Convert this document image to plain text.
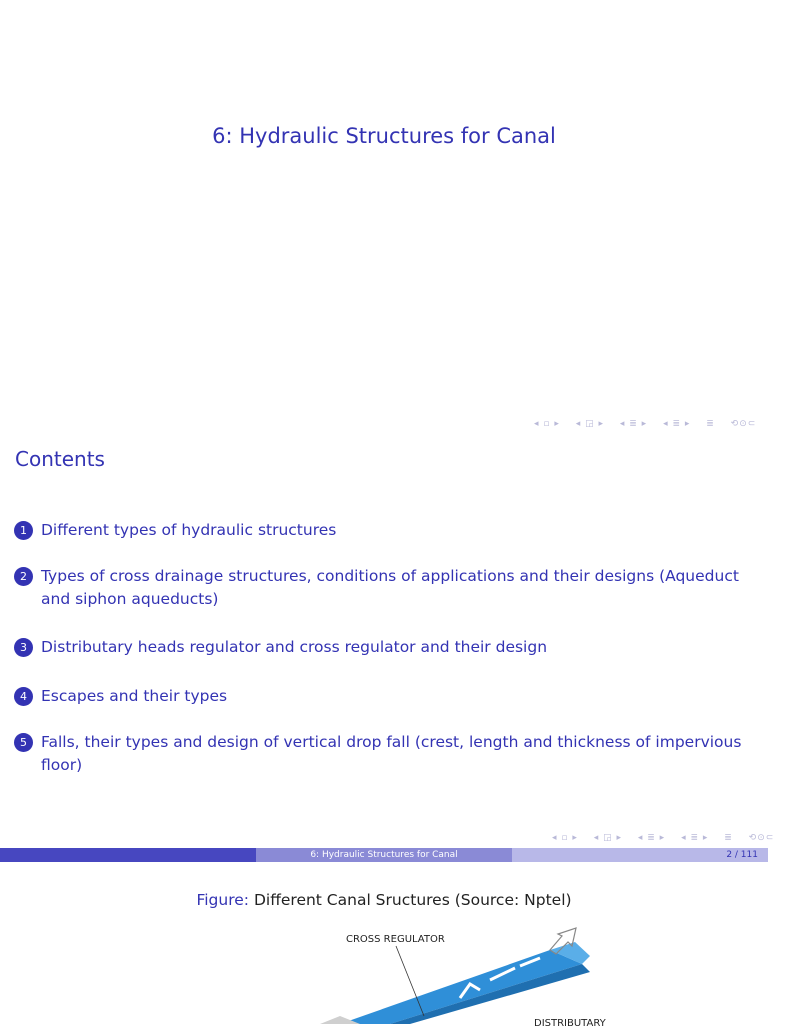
6: Hydraulic Structures for Canal
◂ ▫ ▸ ◂ ◲ ▸ ◂ ≣ ▸ ◂ ≣ ▸ ≣ ⟲⊙⊂
Contents
1 Different types of hydraulic structures
2 Types of cross drainage structures, conditions of applications and their designs (Aqueduct and siphon aqueducts)
3 Distributary heads regulator and cross regulator and their design
4 Escapes and their types
5 Falls, their types and design of vertical drop fall (crest, length and thickness of impervious floor)
◂ ▫ ▸ ◂ ◲ ▸ ◂ ≣ ▸ ◂ ≣ ▸ ≣ ⟲⊙⊂
6: Hydraulic Structures for Canal	2 / 111
Figure: Different Canal Sructures (Source: Nptel)
CROSS REGULATOR
DISTRIBUTARY
